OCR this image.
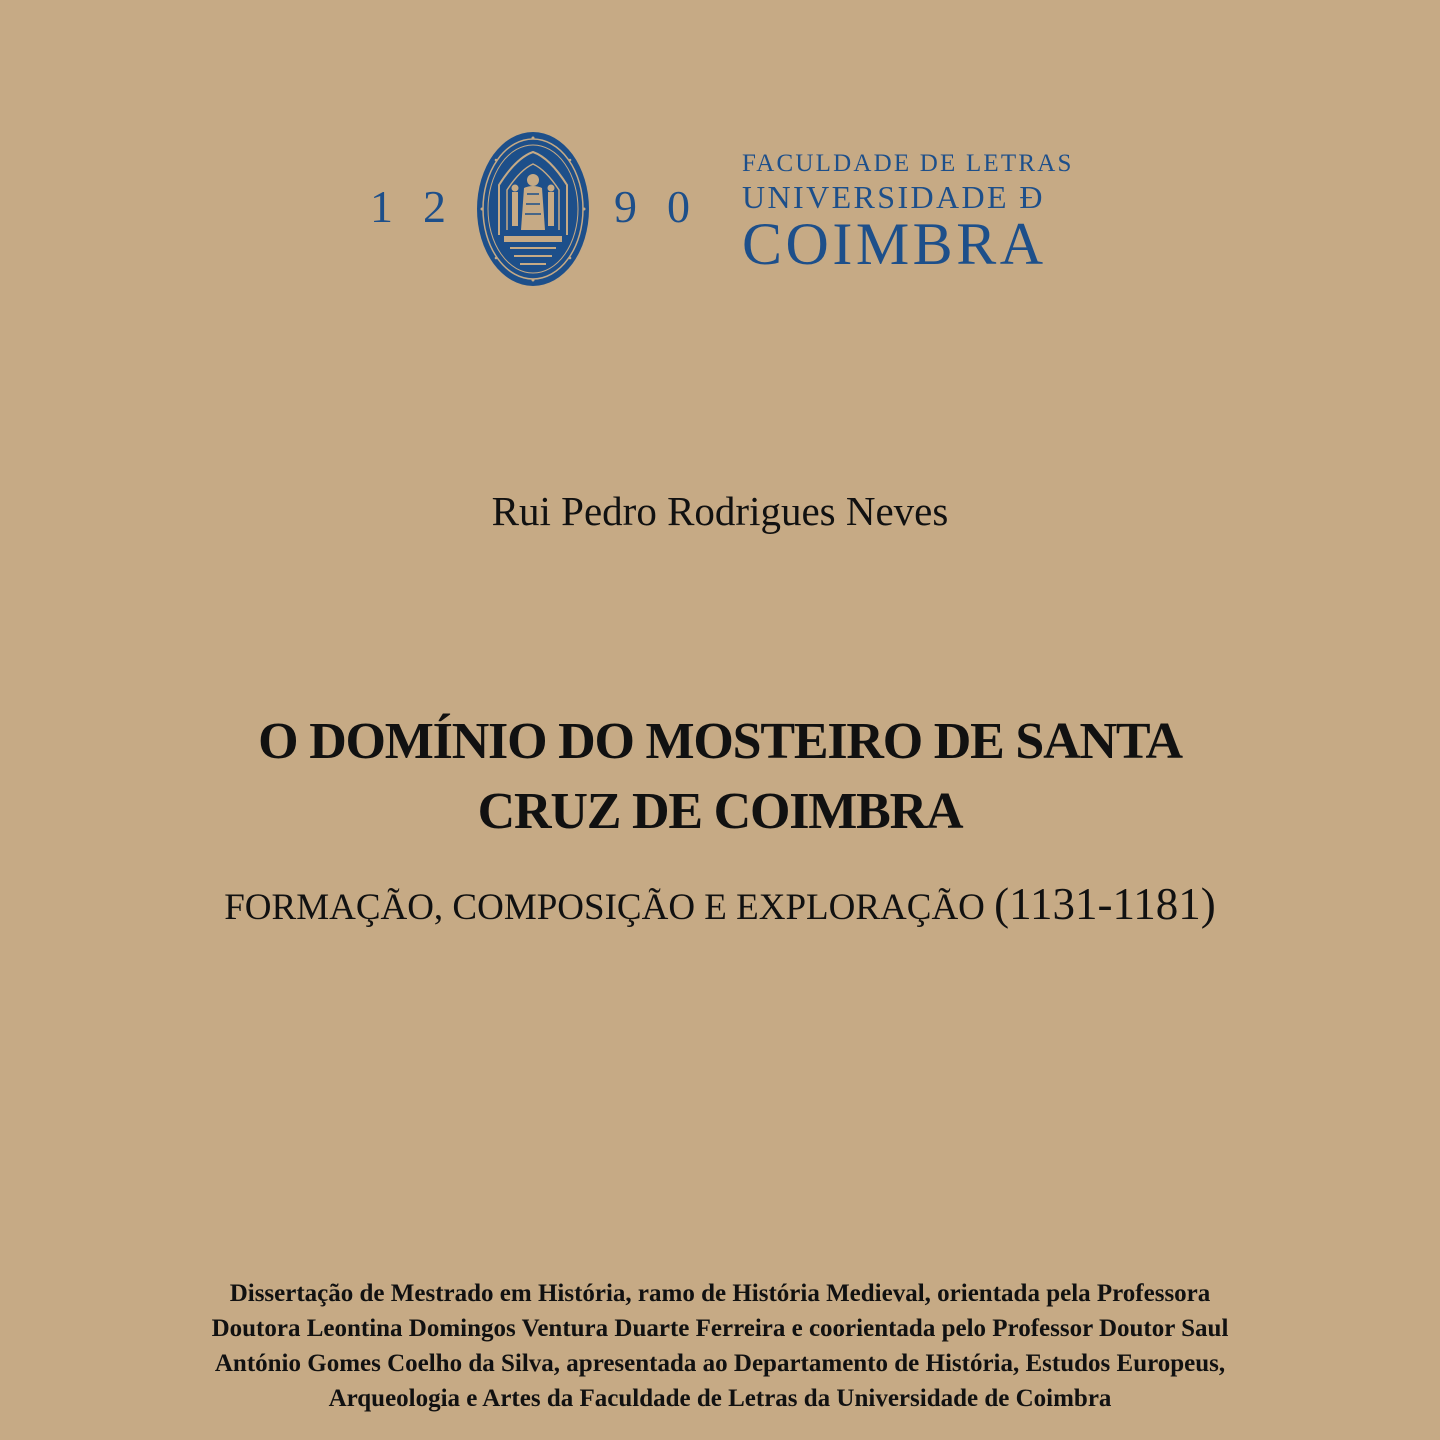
12	90
FACULDADE DE LETRAS
UNIVERSIDADE Ð
COIMBRA
Rui Pedro Rodrigues Neves
O DOMÍNIO DO MOSTEIRO DE SANTA
CRUZ DE COIMBRA
FORMAÇÃO, COMPOSIÇÃO E EXPLORAÇÃO (1131-1181)
Dissertação de Mestrado em História, ramo de História Medieval, orientada pela Professora
Doutora Leontina Domingos Ventura Duarte Ferreira e coorientada pelo Professor Doutor Saul
António Gomes Coelho da Silva, apresentada ao Departamento de História, Estudos Europeus,
Arqueologia e Artes da Faculdade de Letras da Universidade de Coimbra
